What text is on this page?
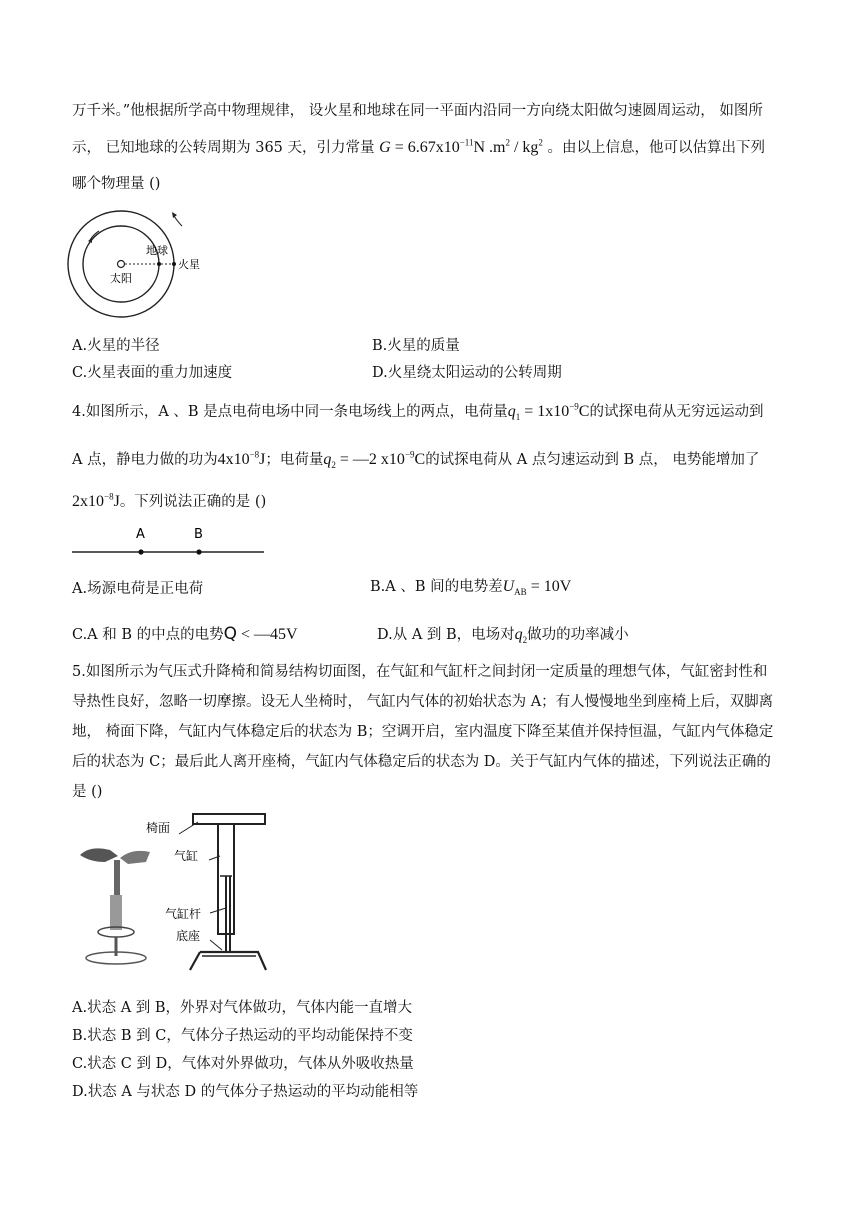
万千米。”他根据所学高中物理规律， 设火星和地球在同一平面内沿同一方向绕太阳做匀速圆周运动， 如图所
示， 已知地球的公转周期为 365 天，引力常量 $G = 6.67x10^{-11}N$ $.m^2 / kg^2$ 。由以上信息，他可以估算出下列
哪个物理量 ()
地球
太阳
火星
A.火星的半径	B.火星的质量
C.火星表面的重力加速度	D.火星绕太阳运动的公转周期
4.如图所示，A 、B 是点电荷电场中同一条电场线上的两点，电荷量$q_1 = 1x10^{-9}C$的试探电荷从无穷远运动到
A 点，静电力做的功为$4x10^{-8}J$；电荷量$q_2$ = —2 $x10^{-9}C$的试探电荷从 A 点匀速运动到 B 点， 电势能增加了
$2x10^{-8}J$。下列说法正确的是 ()
A	B
A.场源电荷是正电荷	B.A 、B 间的电势差$U_{AB} = 10V$
C.A 和 B 的中点的电势Q < —45V	D.从 A 到 B，电场对$q_2$做功的功率减小
5.如图所示为气压式升降椅和简易结构切面图，在气缸和气缸杆之间封闭一定质量的理想气体，气缸密封性和
导热性良好，忽略一切摩擦。设无人坐椅时， 气缸内气体的初始状态为 A；有人慢慢地坐到座椅上后，双脚离
地， 椅面下降，气缸内气体稳定后的状态为 B；空调开启，室内温度下降至某值并保持恒温，气缸内气体稳定
后的状态为 C；最后此人离开座椅，气缸内气体稳定后的状态为 D。关于气缸内气体的描述，下列说法正确的
是 ()
椅面
气缸
气缸杆
底座
A.状态 A 到 B，外界对气体做功，气体内能一直增大
B.状态 B 到 C，气体分子热运动的平均动能保持不变
C.状态 C 到 D，气体对外界做功，气体从外吸收热量
D.状态 A 与状态 D 的气体分子热运动的平均动能相等
